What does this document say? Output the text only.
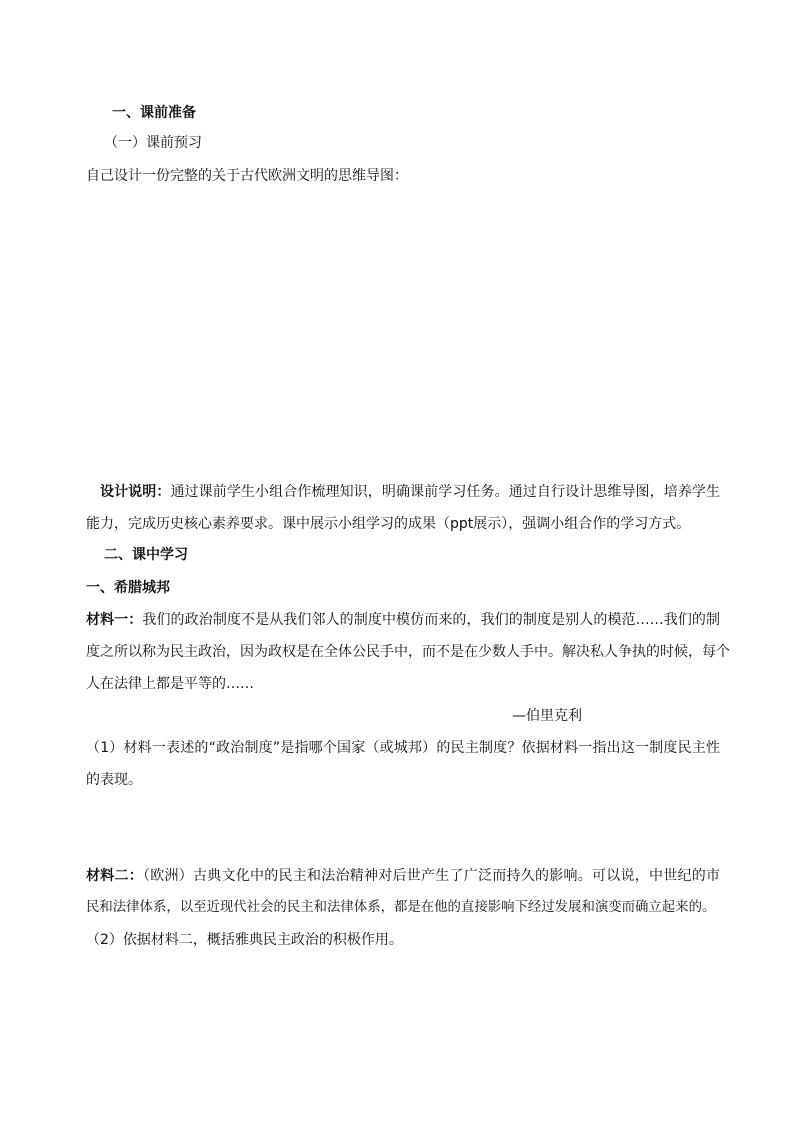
一、课前准备
（一）课前预习
自己设计一份完整的关于古代欧洲文明的思维导图：
设计说明：通过课前学生小组合作梳理知识，明确课前学习任务。通过自行设计思维导图，培养学生
能力，完成历史核心素养要求。课中展示小组学习的成果（ppt展示），强调小组合作的学习方式。
二、课中学习
一、希腊城邦
材料一：我们的政治制度不是从我们邻人的制度中模仿而来的，我们的制度是别人的模范……我们的制
度之所以称为民主政治，因为政权是在全体公民手中，而不是在少数人手中。解决私人争执的时候，每个
人在法律上都是平等的……
—伯里克利
（1）材料一表述的“政治制度”是指哪个国家（或城邦）的民主制度？依据材料一指出这一制度民主性
的表现。
材料二：（欧洲）古典文化中的民主和法治精神对后世产生了广泛而持久的影响。可以说，中世纪的市
民和法律体系，以至近现代社会的民主和法律体系，都是在他的直接影响下经过发展和演变而确立起来的。
（2）依据材料二，概括雅典民主政治的积极作用。
